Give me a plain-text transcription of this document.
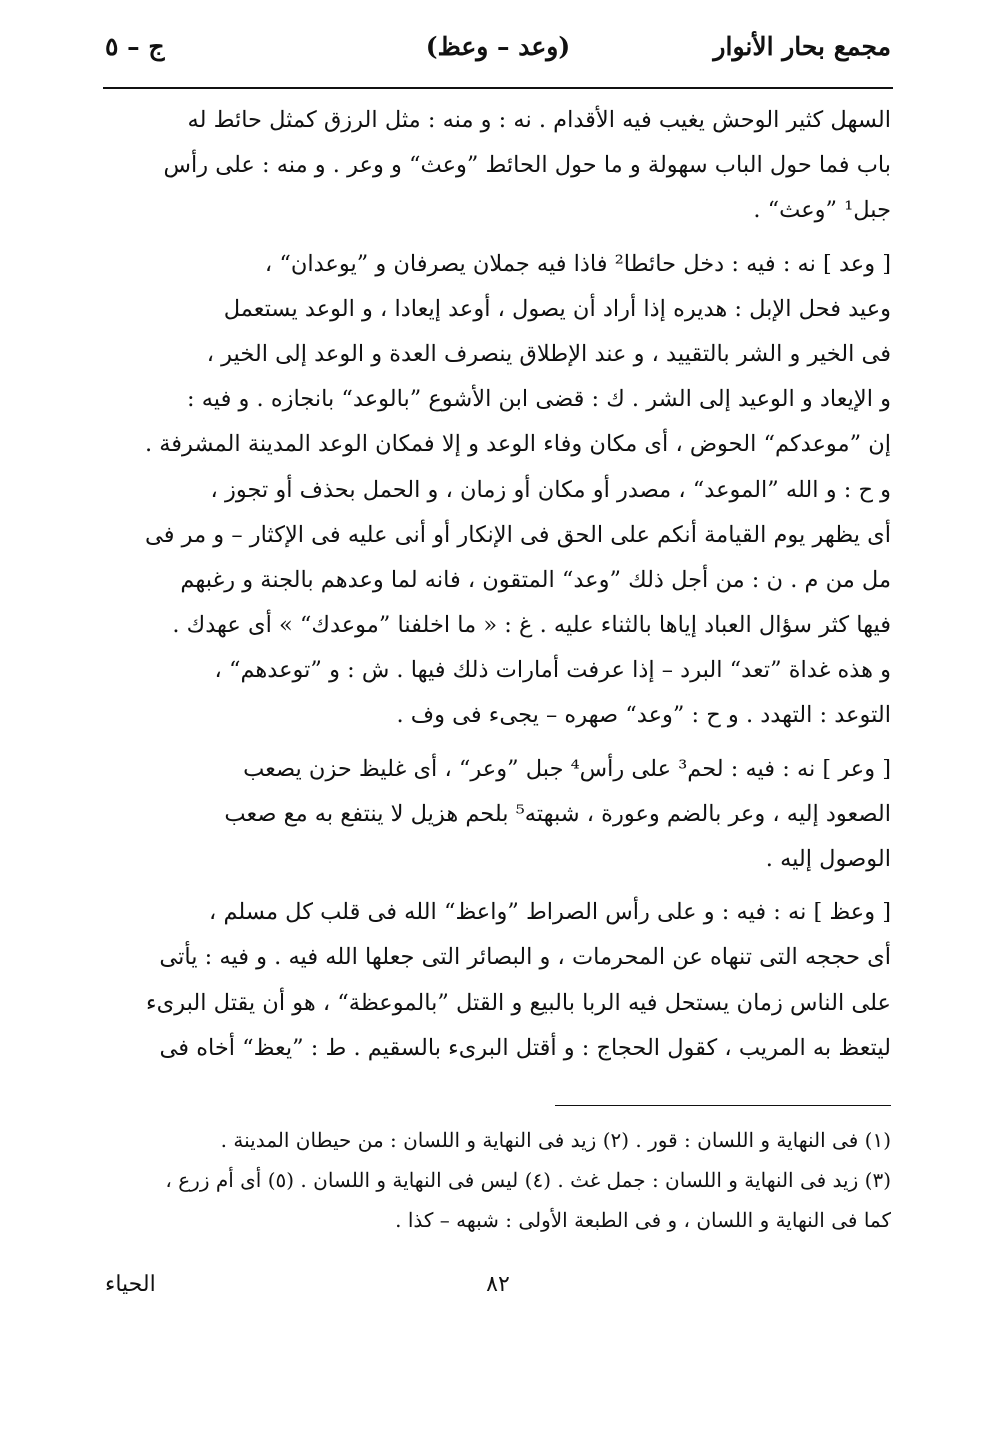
مجمع بحار الأنوار
(وعد – وعظ)
ج – ٥

السهل كثير الوحش يغيب فيه الأقدام . نه : و منه : مثل الرزق كمثل حائط له
باب فما حول الباب سهولة و ما حول الحائط ”وعث“ و وعر . و منه : على رأس
جبل¹ ”وعث“ .

[ وعد ] نه : فيه : دخل حائطا² فاذا فيه جملان يصرفان و ”يوعدان“ ،
وعيد فحل الإبل : هديره إذا أراد أن يصول ، أوعد إيعادا ، و الوعد يستعمل
فى الخير و الشر بالتقييد ، و عند الإطلاق ينصرف العدة و الوعد إلى الخير ،
و الإيعاد و الوعيد إلى الشر . ك : قضى ابن الأشوع ”بالوعد“ بانجازه . و فيه :
إن ”موعدكم“ الحوض ، أى مكان وفاء الوعد و إلا فمكان الوعد المدينة المشرفة .
و ح : و الله ”الموعد“ ، مصدر أو مكان أو زمان ، و الحمل بحذف أو تجوز ،
أى يظهر يوم القيامة أنكم على الحق فى الإنكار أو أنى عليه فى الإكثار – و مر فى
مل من م . ن : من أجل ذلك ”وعد“ المتقون ، فانه لما وعدهم بالجنة و رغبهم
فيها كثر سؤال العباد إياها بالثناء عليه . غ : « ما اخلفنا ”موعدك“ » أى عهدك .
و هذه غداة ”تعد“ البرد – إذا عرفت أمارات ذلك فيها . ش : و ”توعدهم“ ،
التوعد : التهدد . و ح : ”وعد“ صهره – يجىء فى وف .

[ وعر ] نه : فيه : لحم³ على رأس⁴ جبل ”وعر“ ، أى غليظ حزن يصعب
الصعود إليه ، وعر بالضم وعورة ، شبهته⁵ بلحم هزيل لا ينتفع به مع صعب
الوصول إليه .

[ وعظ ] نه : فيه : و على رأس الصراط ”واعظ“ الله فى قلب كل مسلم ،
أى حججه التى تنهاه عن المحرمات ، و البصائر التى جعلها الله فيه . و فيه : يأتى
على الناس زمان يستحل فيه الربا بالبيع و القتل ”بالموعظة“ ، هو أن يقتل البرىء
ليتعظ به المريب ، كقول الحجاج : و أقتل البرىء بالسقيم . ط : ”يعظ“ أخاه فى

(١) فى النهاية و اللسان : قور . (٢) زيد فى النهاية و اللسان : من حيطان المدينة .
(٣) زيد فى النهاية و اللسان : جمل غث . (٤) ليس فى النهاية و اللسان . (٥) أى أم زرع ،
كما فى النهاية و اللسان ، و فى الطبعة الأولى : شبهه – كذا .
٨٢
الحياء
